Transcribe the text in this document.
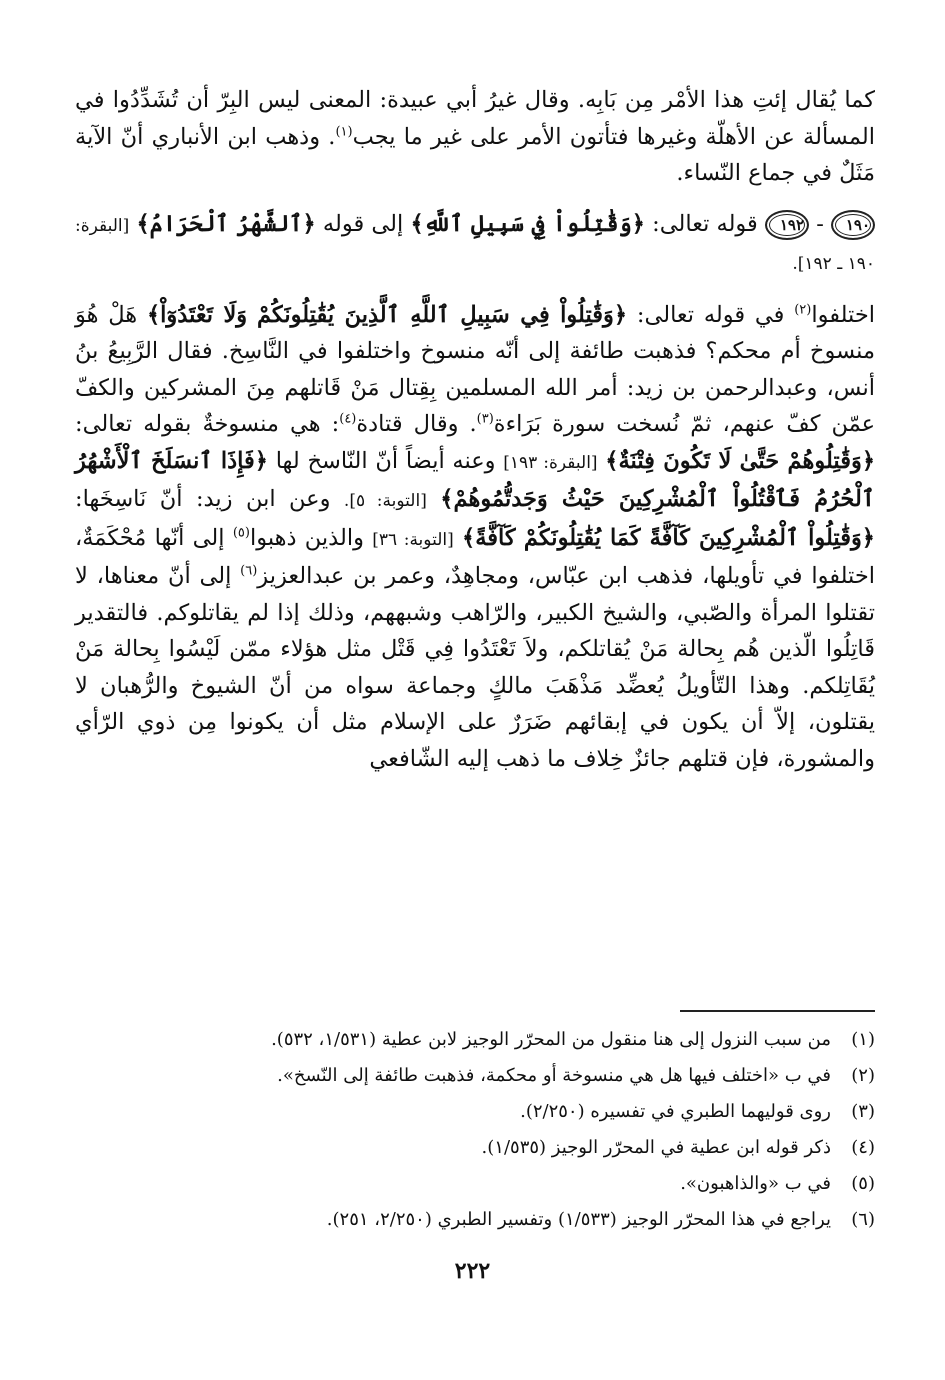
كما يُقال إئتِ هذا الأمْر مِن بَابِه. وقال غيرُ أبي عبيدة: المعنى ليس البِرّ أن تُشَدِّدُوا في المسألة عن الأهلّة وغيرها فتأتون الأمر على غير ما يجب$^{(١)}$. وذهب ابن الأنباري أنّ الآية مَثَلٌ في جماع النّساء.

١٩٠ - ١٩٢ قوله تعالى: ﴿وَقَٰتِلُواْ فِي سَبِيلِ ٱللَّهِ﴾ إلى قوله ﴿ٱلشَّهْرُ ٱلْحَرَامُ﴾ [البقرة: ١٩٠ ـ ١٩٢].

اختلفوا$^{(٢)}$ في قوله تعالى: ﴿وَقَٰتِلُواْ فِي سَبِيلِ ٱللَّهِ ٱلَّذِينَ يُقَٰتِلُونَكُمْ وَلَا تَعْتَدُوٓاْ﴾ هَلْ هُوَ منسوخ أم محكم؟ فذهبت طائفة إلى أنّه منسوخ واختلفوا في النَّاسِخ. فقال الرَّبِيعُ بنُ أنس، وعبدالرحمن بن زيد: أمر الله المسلمين بِقِتال مَنْ قَاتلهم مِنَ المشركين والكفّ عمّن كفّ عنهم، ثمّ نُسخت سورة بَرَاءة$^{(٣)}$. وقال قتادة$^{(٤)}$: هي منسوخةٌ بقوله تعالى: ﴿وَقَٰتِلُوهُمْ حَتَّىٰ لَا تَكُونَ فِتْنَةٌ﴾ [البقرة: ١٩٣] وعنه أيضاً أنّ النّاسخ لها ﴿فَإِذَا ٱنسَلَخَ ٱلْأَشْهُرُ ٱلْحُرُمُ فَٱقْتُلُواْ ٱلْمُشْرِكِينَ حَيْثُ وَجَدتُّمُوهُمْ﴾ [التوبة: ٥]. وعن ابن زيد: أنّ نَاسِخَها: ﴿وَقَٰتِلُواْ ٱلْمُشْرِكِينَ كَآفَّةً كَمَا يُقَٰتِلُونَكُمْ كَآفَّةً﴾ [التوبة: ٣٦] والذين ذهبوا$^{(٥)}$ إلى أنّها مُحْكَمَةٌ، اختلفوا في تأويلها، فذهب ابن عبّاس، ومجاهِدٌ، وعمر بن عبدالعزيز$^{(٦)}$ إلى أنّ معناها، لا تقتلوا المرأة والصّبي، والشيخ الكبير، والرّاهب وشبههم، وذلك إذا لم يقاتلوكم. فالتقدير قَاتِلُوا الّذين هُم بِحالة مَنْ يُقاتلكم، ولاَ تَعْتَدُوا فِي قَتْل مثل هؤلاء ممّن لَيْسُوا بِحالة مَنْ يُقَاتِلكم. وهذا التّأويلُ يُعضِّد مَذْهَبَ مالكٍ وجماعة سواه من أنّ الشيوخ والرُّهبان لا يقتلون، إلاّ أن يكون في إبقائهم ضَرَرٌ على الإسلام مثل أن يكونوا مِن ذوي الرّأي والمشورة، فإن قتلهم جائزٌ خِلاف ما ذهب إليه الشّافعي

(١)من سبب النزول إلى هنا منقول من المحرّر الوجيز لابن عطية (١/٥٣١، ٥٣٢).
(٢)في ب «اختلف فيها هل هي منسوخة أو محكمة، فذهبت طائفة إلى النّسخ».
(٣)روى قوليهما الطبري في تفسيره (٢/٢٥٠).
(٤)ذكر قوله ابن عطية في المحرّر الوجيز (١/٥٣٥).
(٥)في ب «والذاهبون».
(٦)يراجع في هذا المحرّر الوجيز (١/٥٣٣) وتفسير الطبري (٢/٢٥٠، ٢٥١).
٢٢٢
